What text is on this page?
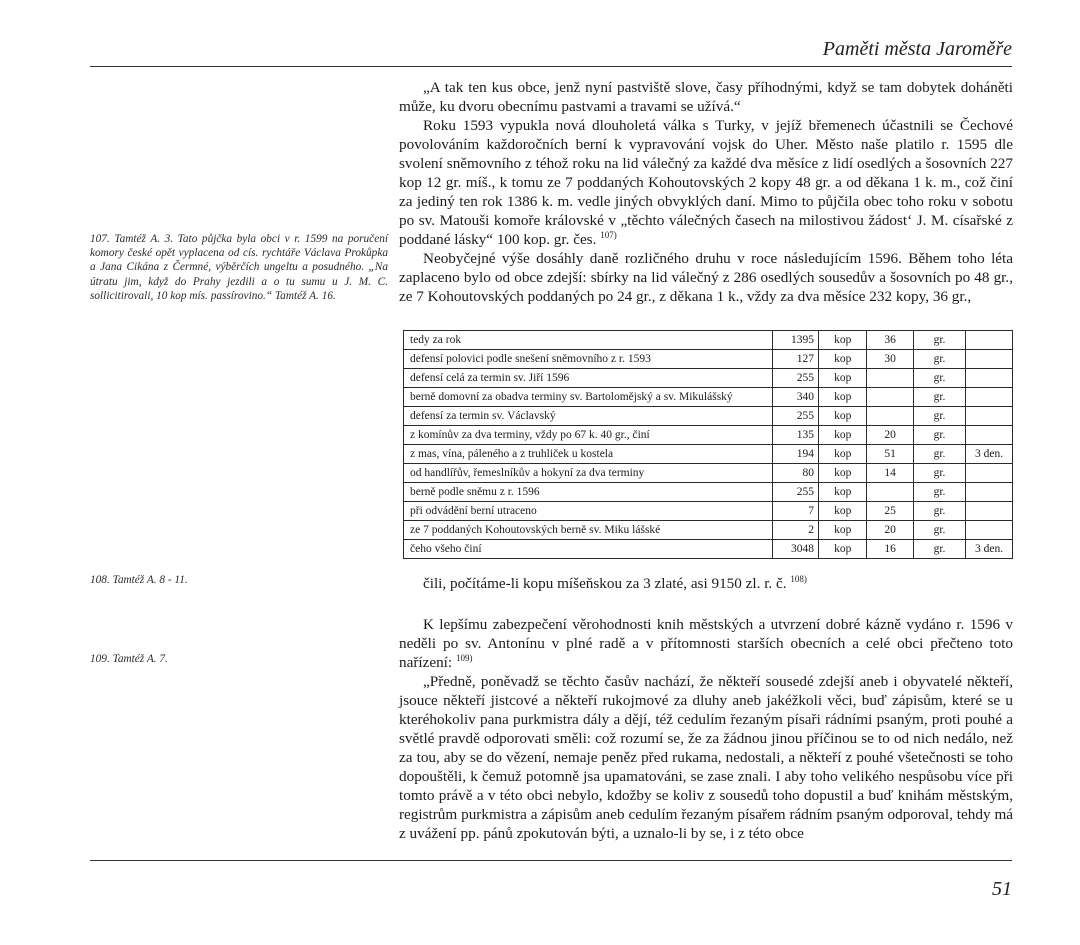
Paměti města Jaroměře
107. Tamtéž A. 3. Tato půjčka byla obci v r. 1599 na poručení komory české opět vyplacena od cís. rychtáře Václava Prokůpka a Jana Cikána z Čermné, výběrčích ungeltu a posudného. „Na útratu jim, když do Prahy jezdili a o tu sumu u J. M. C. sollicitirovali, 10 kop mís. passírovino.“ Tamtéž A. 16.
108. Tamtéž A. 8 - 11.
109. Tamtéž A. 7.

„A tak ten kus obce, jenž nyní pastviště slove, časy příhodnými, když se tam dobytek doháněti může, ku dvoru obecnímu pastvami a travami se užívá.“

Roku 1593 vypukla nová dlouholetá válka s Turky, v jejíž břemenech účastnili se Čechové povolováním každoročních berní k vypravování vojsk do Uher. Město naše platilo r. 1595 dle svolení sněmovního z téhož roku na lid válečný za každé dva měsíce z lidí osedlých a šosovních 227 kop 12 gr. míš., k tomu ze 7 poddaných Kohoutovských 2 kopy 48 gr. a od děkana 1 k. m., což činí za jediný ten rok 1386 k. m. vedle jiných obvyklých daní. Mimo to půjčila obec toho roku v sobotu po sv. Matouši komoře královské v „těchto válečných časech na milostivou žádost‘ J. M. císařské z poddané lásky“ 100 kop. gr. čes. $^{107)}$

Neobyčejné výše dosáhly daně rozličného druhu v roce následujícím 1596. Během toho léta zaplaceno bylo od obce zdejší: sbírky na lid válečný z 286 osedlých sousedův a šosovních po 48 gr., ze 7 Kohoutovských poddaných po 24 gr., z děkana 1 k., vždy za dva měsíce 232 kopy, 36 gr.,

tedy za rok	1395	kop	36	gr.	
defensí polovici podle snešení sněmovního z r. 1593	127	kop	30	gr.	
defensí celá za termin sv. Jiří 1596	255	kop		gr.	
berně domovní za obadva terminy sv. Bartolomějský a sv. Mikulášský	340	kop		gr.	
defensí za termin sv. Václavský	255	kop		gr.	
z komínův za dva terminy, vždy po 67 k. 40 gr., činí	135	kop	20	gr.	
z mas, vína, páleného a z truhliček u kostela	194	kop	51	gr.	3 den.
od handlířův, řemeslníkův a hokyní za dva terminy	80	kop	14	gr.	
berně podle sněmu z r. 1596	255	kop		gr.	
při odvádění berní utraceno	7	kop	25	gr.	
ze 7 poddaných Kohoutovských berně sv. Miku lášské	2	kop	20	gr.	
čeho všeho činí	3048	kop	16	gr.	3 den.

čili, počítáme-li kopu míšeňskou za 3 zlaté, asi 9150 zl. r. č. $^{108)}$

K lepšímu zabezpečení věrohodnosti knih městských a utvrzení dobré kázně vydáno r. 1596 v neděli po sv. Antonínu v plné radě a v přítomnosti starších obecních a celé obci přečteno toto nařízení: $^{109)}$

„Předně, poněvadž se těchto časův nachází, že někteří sousedé zdejší aneb i obyvatelé někteří, jsouce někteří jistcové a někteří rukojmové za dluhy aneb jakéžkoli věci, buď zápisům, které se u kteréhokoliv pana purkmistra dály a dějí, též cedulím řezaným písaři rádními psaným, proti pouhé a světlé pravdě odporovati směli: což rozumí se, že za žádnou jinou příčinou se to od nich nedálo, než za tou, aby se do vězení, nemaje peněz před rukama, nedostali, a někteří z pouhé všetečnosti se toho dopouštěli, k čemuž potomně jsa upamatováni, se zase znali. I aby toho velikého nespůsobu více při tomto právě a v této obci nebylo, kdožby se koliv z sousedů toho dopustil a buď knihám městským, registrům purkmistra a zápisům aneb cedulím řezaným písařem rádním psaným odporoval, tehdy má z uvážení pp. pánů zpokutován býti, a uznalo-li by se, i z této obce

51
